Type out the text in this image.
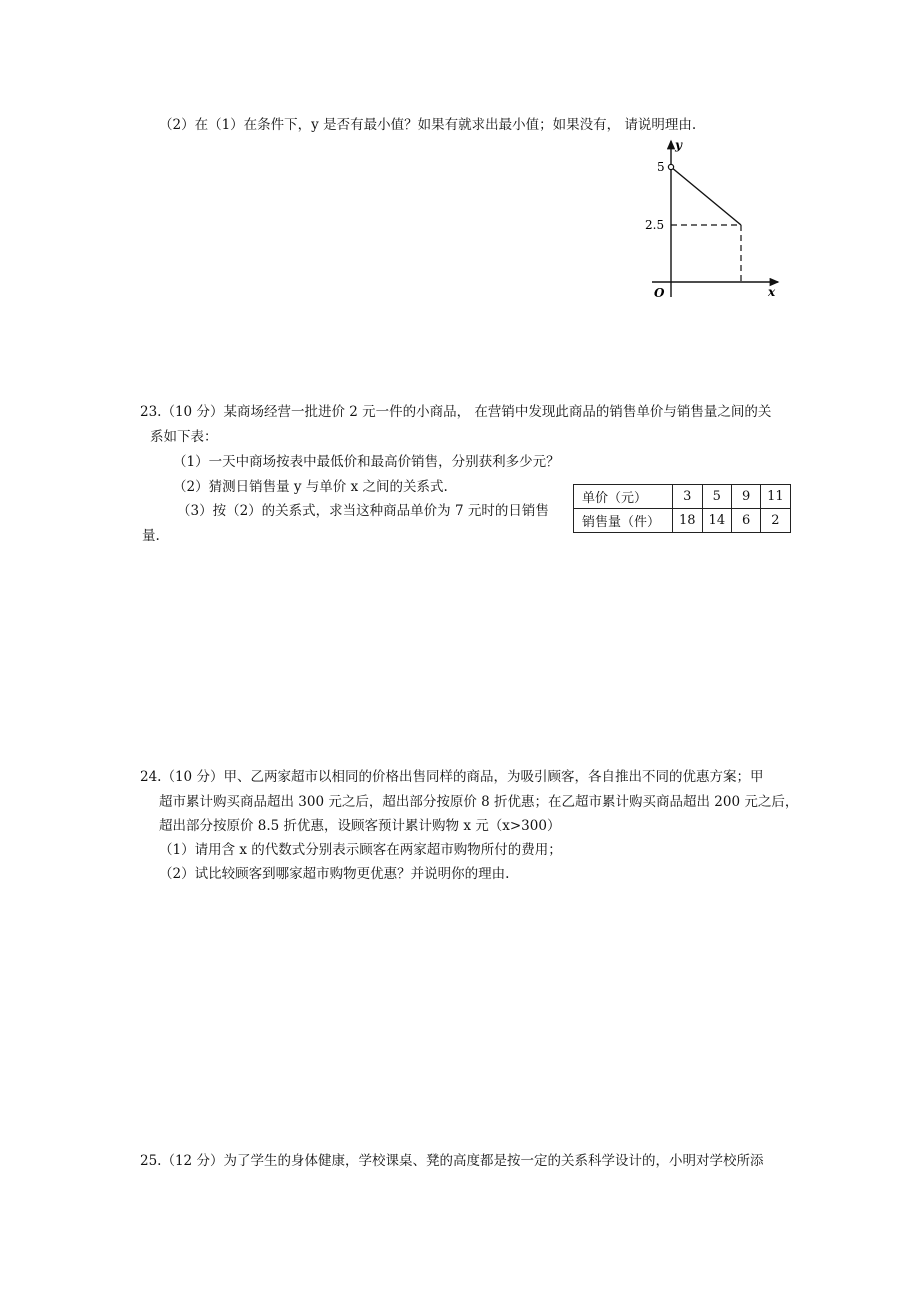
（2）在（1）在条件下，y 是否有最小值？如果有就求出最小值；如果没有， 请说明理由.
y
x
O
5
2.5
23.（10 分）某商场经营一批进价 2 元一件的小商品， 在营销中发现此商品的销售单价与销售量之间的关
系如下表：
（1）一天中商场按表中最低价和最高价销售，分别获利多少元？
（2）猜测日销售量 y 与单价 x 之间的关系式.
（3）按（2）的关系式，求当这种商品单价为 7 元时的日销售
量.
单价（元）	3	5	9	11
销售量（件）	18	14	6	2
24.（10 分）甲、乙两家超市以相同的价格出售同样的商品，为吸引顾客，各自推出不同的优惠方案；甲
超市累计购买商品超出 300 元之后，超出部分按原价 8 折优惠；在乙超市累计购买商品超出 200 元之后，
超出部分按原价 8.5 折优惠，设顾客预计累计购物 x 元（x>300）
（1）请用含 x 的代数式分别表示顾客在两家超市购物所付的费用；
（2）试比较顾客到哪家超市购物更优惠？并说明你的理由.
25.（12 分）为了学生的身体健康，学校课桌、凳的高度都是按一定的关系科学设计的，小明对学校所添
